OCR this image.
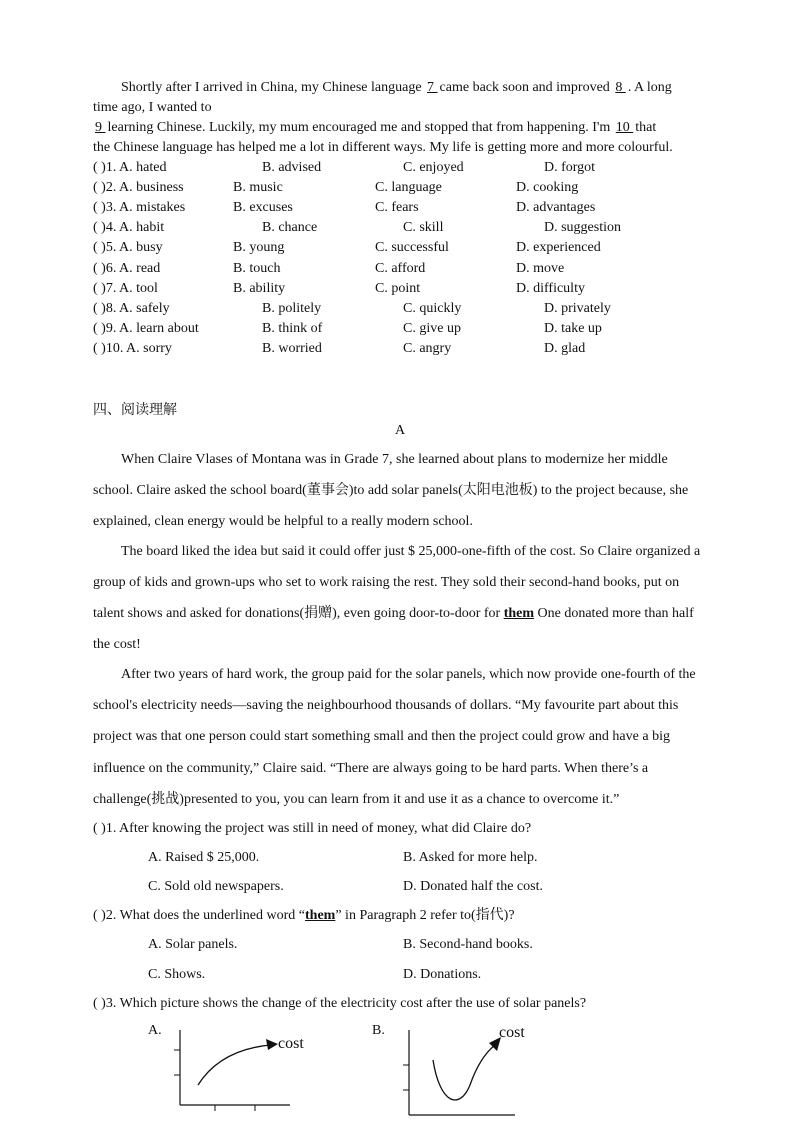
Shortly after I arrived in China, my Chinese language 7 came back soon and improved 8 . A long
time ago, I wanted to
9 learning Chinese. Luckily, my mum encouraged me and stopped that from happening. I'm 10 that
the Chinese language has helped me a lot in different ways. My life is getting more and more colourful.
( )1. A. hated	B. advised	C. enjoyed	D. forgot
( )2. A. business	B. music	C. language	D. cooking
( )3. A. mistakes	B. excuses	C. fears	D. advantages
( )4. A. habit	B. chance	C. skill	D. suggestion
( )5. A. busy	B. young	C. successful	D. experienced
( )6. A. read	B. touch	C. afford	D. move
( )7. A. tool	B. ability	C. point	D. difficulty
( )8. A. safely	B. politely	C. quickly	D. privately
( )9. A. learn about	B. think of	C. give up	D. take up
( )10. A. sorry	B. worried	C. angry	D. glad
四、阅读理解
A
When Claire Vlases of Montana was in Grade 7, she learned about plans to modernize her middle
school. Claire asked the school board(董事会)to add solar panels(太阳电池板) to the project because, she
explained, clean energy would be helpful to a really modern school.
The board liked the idea but said it could offer just $ 25,000-one-fifth of the cost. So Claire organized a
group of kids and grown-ups who set to work raising the rest. They sold their second-hand books, put on
talent shows and asked for donations(捐赠), even going door-to-door for them One donated more than half
the cost!
After two years of hard work, the group paid for the solar panels, which now provide one-fourth of the
school's electricity needs—saving the neighbourhood thousands of dollars. “My favourite part about this
project was that one person could start something small and then the project could grow and have a big
influence on the community,” Claire said. “There are always going to be hard parts. When there’s a
challenge(挑战)presented to you, you can learn from it and use it as a chance to overcome it.”
( )1. After knowing the project was still in need of money, what did Claire do?
A. Raised $ 25,000.	B. Asked for more help.
C. Sold old newspapers.	D. Donated half the cost.
( )2. What does the underlined word “them” in Paragraph 2 refer to(指代)?
A. Solar panels.	B. Second-hand books.
C. Shows.	D. Donations.
( )3. Which picture shows the change of the electricity cost after the use of solar panels?
A.
cost
B.	cost
